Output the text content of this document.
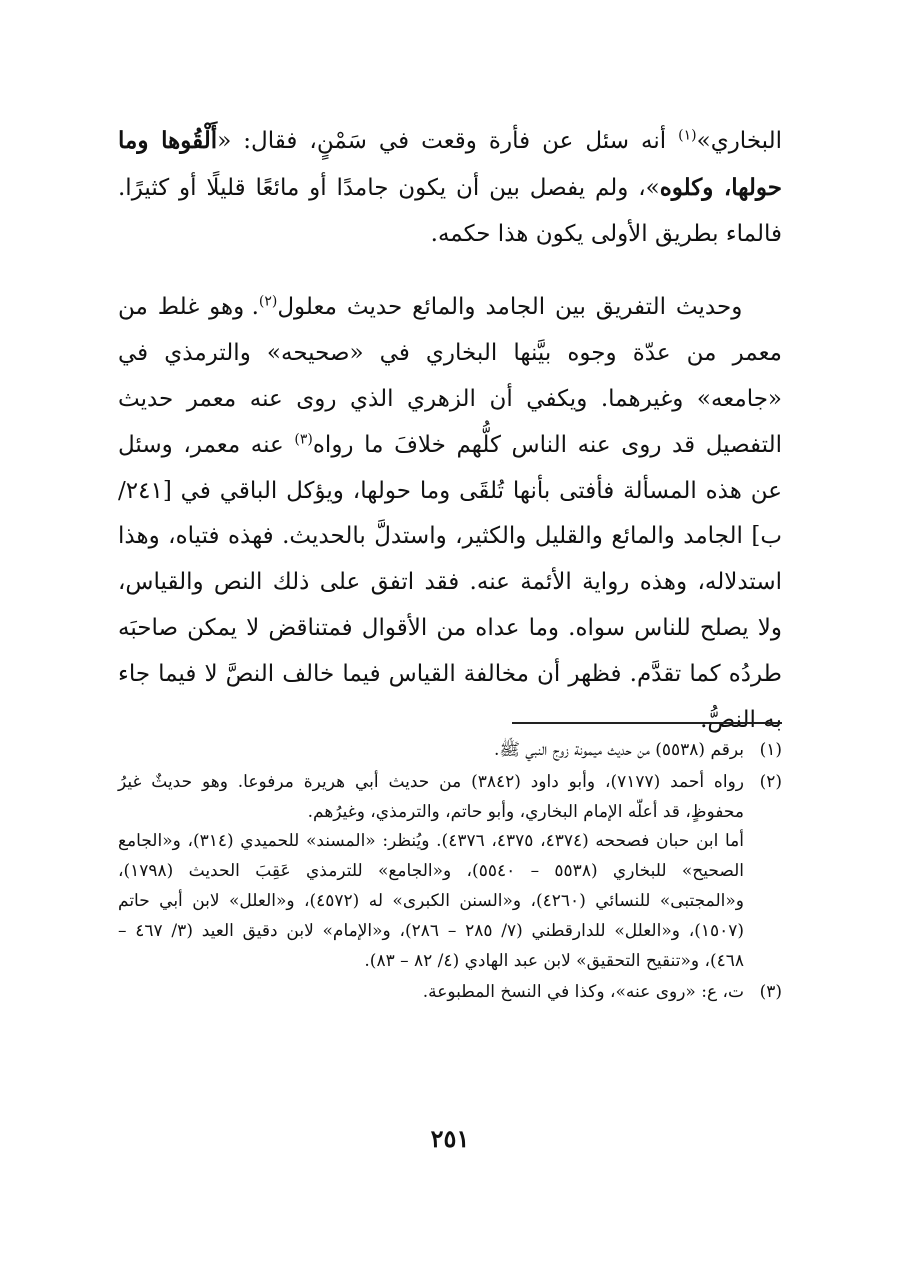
البخاري»$^{(١)}$ أنه سئل عن فأرة وقعت في سَمْنٍ، فقال: «أَلْقُوها وما حولها، وكلوه»، ولم يفصل بين أن يكون جامدًا أو مائعًا قليلًا أو كثيرًا. فالماء بطريق الأولى يكون هذا حكمه.

وحديث التفريق بين الجامد والمائع حديث معلول$^{(٢)}$. وهو غلط من معمر من عدّة وجوه بيَّنها البخاري في «صحيحه» والترمذي في «جامعه» وغيرهما. ويكفي أن الزهري الذي روى عنه معمر حديث التفصيل قد روى عنه الناس كلُّهم خلافَ ما رواه$^{(٣)}$ عنه معمر، وسئل عن هذه المسألة فأفتى بأنها تُلقَى وما حولها، ويؤكل الباقي في [٢٤١/ب] الجامد والمائع والقليل والكثير، واستدلَّ بالحديث. فهذه فتياه، وهذا استدلاله، وهذه رواية الأئمة عنه. فقد اتفق على ذلك النص والقياس، ولا يصلح للناس سواه. وما عداه من الأقوال فمتناقض لا يمكن صاحبَه طردُه كما تقدَّم. فظهر أن مخالفة القياس فيما خالف النصَّ لا فيما جاء به النصُّ.

(١)
برقم (٥٥٣٨) من حديث ميمونة زوج النبي ﷺ.
(٢)
رواه أحمد (٧١٧٧)، وأبو داود (٣٨٤٢) من حديث أبي هريرة مرفوعا. وهو حديثٌ غيرُ محفوظٍ، قد أعلّه الإمام البخاري، وأبو حاتم، والترمذي، وغيرُهم.
أما ابن حبان فصححه (٤٣٧٤، ٤٣٧٥، ٤٣٧٦). ويُنظر: «المسند» للحميدي (٣١٤)، و«الجامع الصحيح» للبخاري (٥٥٣٨ – ٥٥٤٠)، و«الجامع» للترمذي عَقِبَ الحديث (١٧٩٨)، و«المجتبى» للنسائي (٤٢٦٠)، و«السنن الكبرى» له (٤٥٧٢)، و«العلل» لابن أبي حاتم (١٥٠٧)، و«العلل» للدارقطني (٧/ ٢٨٥ – ٢٨٦)، و«الإمام» لابن دقيق العيد (٣/ ٤٦٧ – ٤٦٨)، و«تنقيح التحقيق» لابن عبد الهادي (٤/ ٨٢ – ٨٣).
(٣)
ت، ع: «روى عنه»، وكذا في النسخ المطبوعة.
٢٥١
